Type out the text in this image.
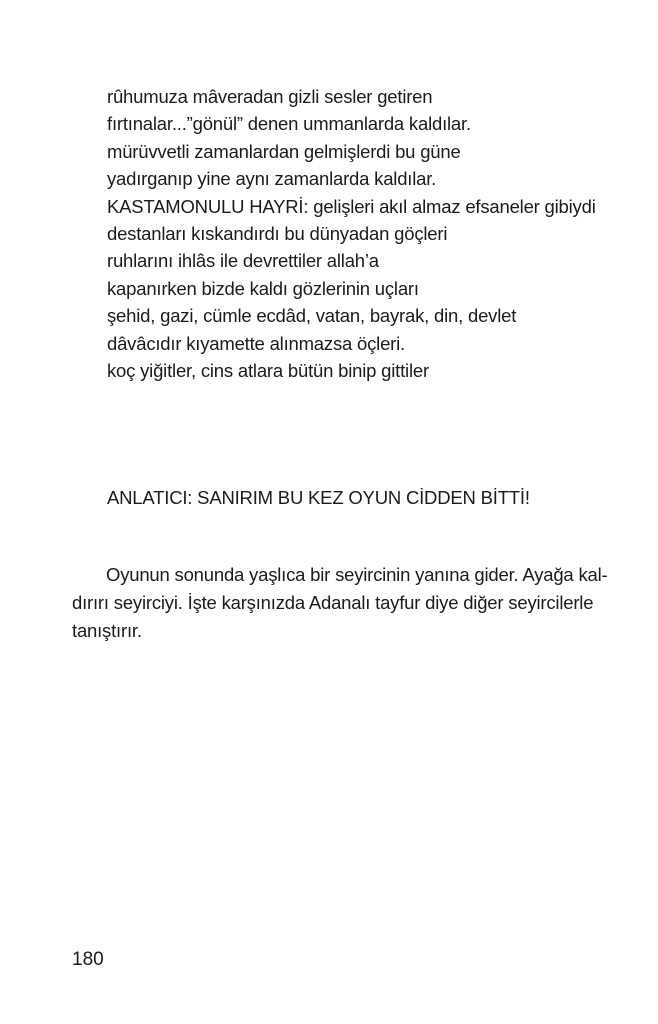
rûhumuza mâveradan gizli sesler getiren
fırtınalar...”gönül” denen ummanlarda kaldılar.
mürüvvetli zamanlardan gelmişlerdi bu güne
yadırganıp yine aynı zamanlarda kaldılar.
KASTAMONULU HAYRİ: gelişleri akıl almaz efsaneler gibiydi
destanları kıskandırdı bu dünyadan göçleri
ruhlarını ihlâs ile devrettiler allah’a
kapanırken bizde kaldı gözlerinin uçları
şehid, gazi, cümle ecdâd, vatan, bayrak, din, devlet
dâvâcıdır kıyamette alınmazsa öçleri.
koç yiğitler, cins atlara bütün binip gittiler
ANLATICI: SANIRIM BU KEZ OYUN CİDDEN BİTTİ!
Oyunun sonunda yaşlıca bir seyircinin yanına gider. Ayağa kal-
dırırı seyirciyi. İşte karşınızda Adanalı tayfur diye diğer seyircilerle
tanıştırır.
180
